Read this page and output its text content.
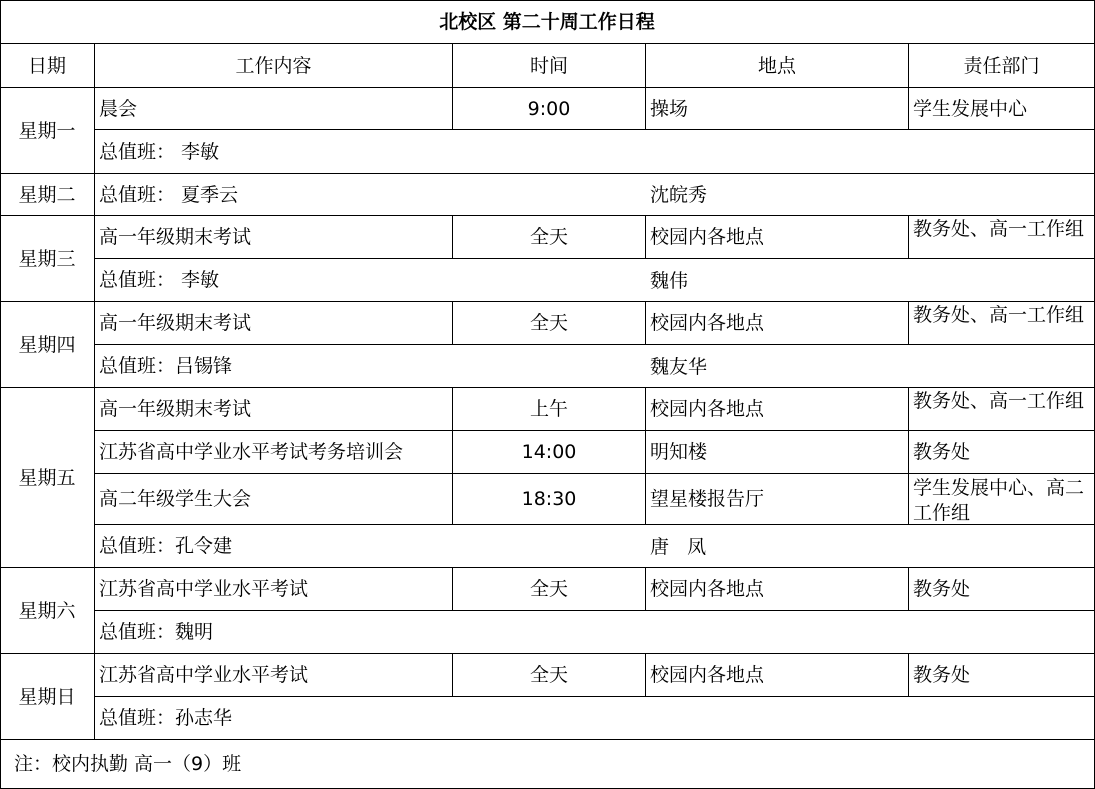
北校区 第二十周工作日程
日期	工作内容	时间	地点	责任部门
星期一
晨会	9:00	操场	学生发展中心
总值班： 李敏
星期二	总值班： 夏季云	沈皖秀
星期三
高一年级期末考试	全天	校园内各地点	教务处、高一工作组
总值班： 李敏	魏伟
星期四
高一年级期末考试	全天	校园内各地点	教务处、高一工作组
总值班：吕锡锋	魏友华
星期五
高一年级期末考试	上午	校园内各地点	教务处、高一工作组
江苏省高中学业水平考试考务培训会	14:00	明知楼	教务处
高二年级学生大会	18:30	望星楼报告厅	学生发展中心、高二工作组
总值班：孔令建	唐   凤
星期六
江苏省高中学业水平考试	全天	校园内各地点	教务处
总值班：魏明
星期日
江苏省高中学业水平考试	全天	校园内各地点	教务处
总值班：孙志华
注：校内执勤 高一（9）班
